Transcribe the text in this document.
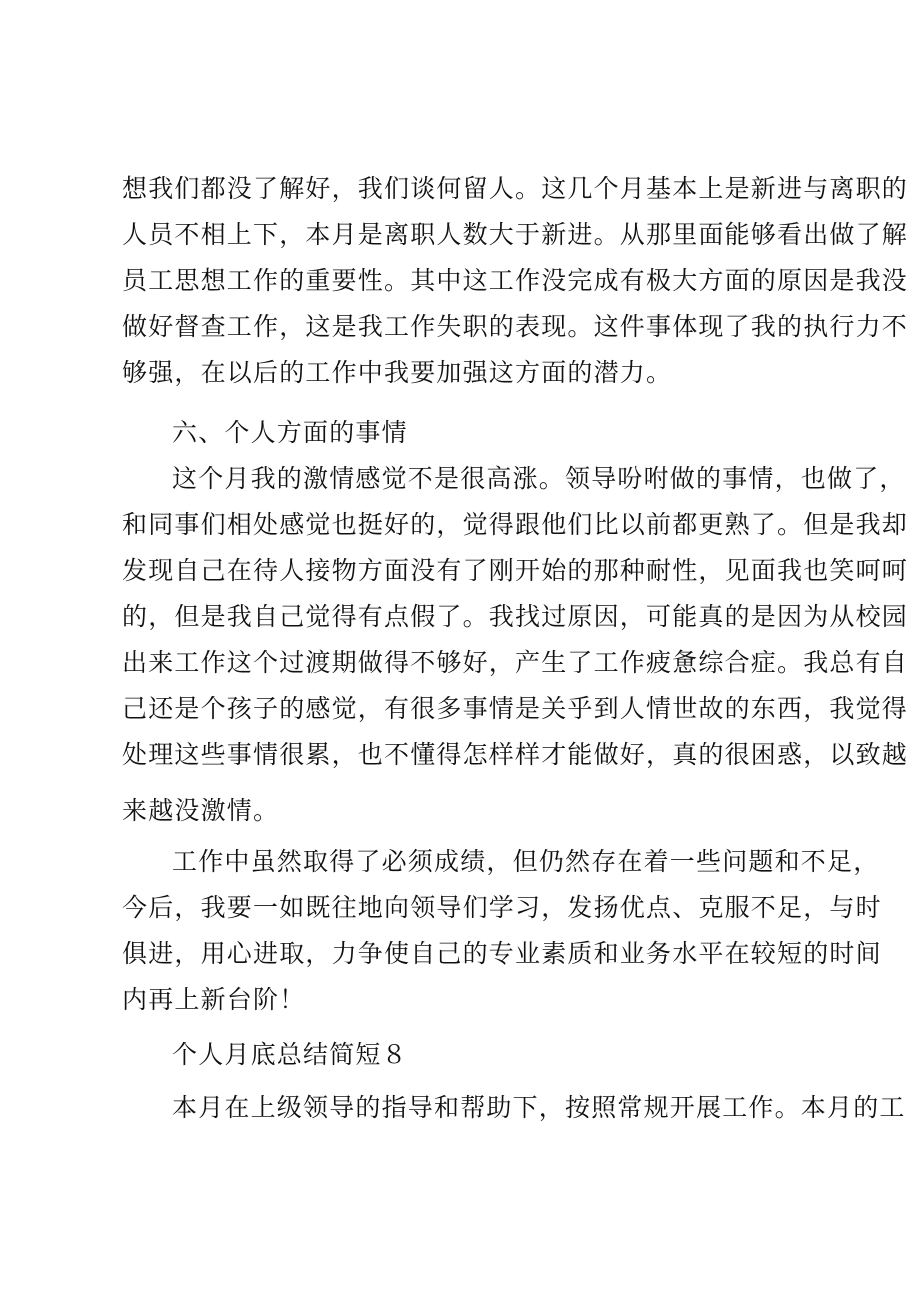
想我们都没了解好，我们谈何留人。这几个月基本上是新进与离职的
人员不相上下，本月是离职人数大于新进。从那里面能够看出做了解
员工思想工作的重要性。其中这工作没完成有极大方面的原因是我没
做好督查工作，这是我工作失职的表现。这件事体现了我的执行力不
够强，在以后的工作中我要加强这方面的潜力。
六、个人方面的事情
这个月我的激情感觉不是很高涨。领导吩咐做的事情，也做了，
和同事们相处感觉也挺好的，觉得跟他们比以前都更熟了。但是我却
发现自己在待人接物方面没有了刚开始的那种耐性，见面我也笑呵呵
的，但是我自己觉得有点假了。我找过原因，可能真的是因为从校园
出来工作这个过渡期做得不够好，产生了工作疲惫综合症。我总有自
己还是个孩子的感觉，有很多事情是关乎到人情世故的东西，我觉得
处理这些事情很累，也不懂得怎样样才能做好，真的很困惑，以致越
来越没激情。
工作中虽然取得了必须成绩，但仍然存在着一些问题和不足，
今后，我要一如既往地向领导们学习，发扬优点、克服不足，与时
俱进，用心进取，力争使自己的专业素质和业务水平在较短的时间
内再上新台阶！
个人月底总结简短８
本月在上级领导的指导和帮助下，按照常规开展工作。本月的工
